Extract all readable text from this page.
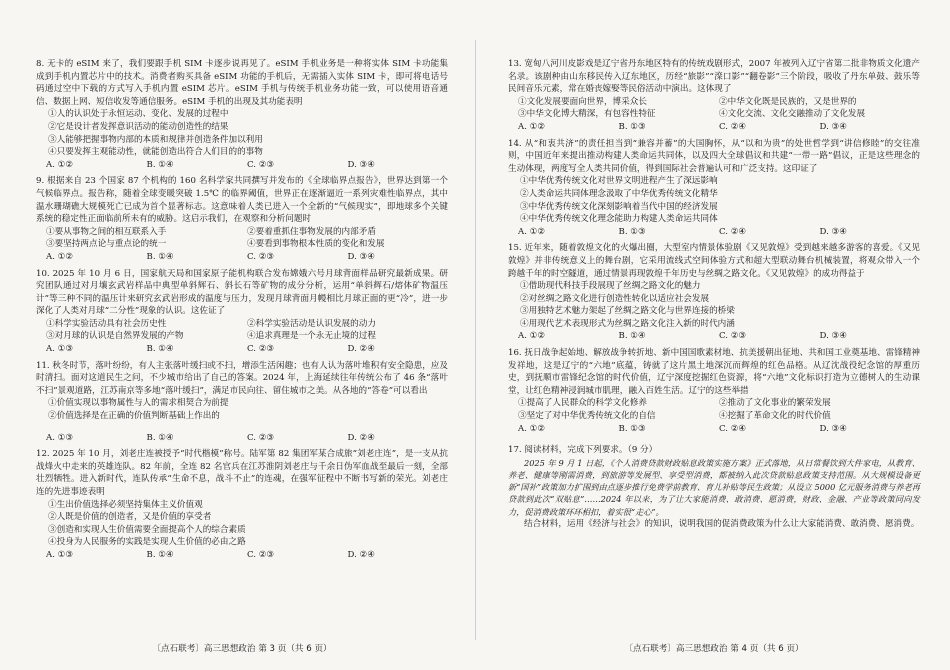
8. 无卡的 eSIM 来了，我们要跟手机 SIM 卡逐步说再见了。eSIM 手机业务是一种将实体 SIM 卡功能集成到手机内置芯片中的技术。消费者购买具备 eSIM 功能的手机后，无需插入实体 SIM 卡，即可将电话号码通过空中下载的方式写入手机内置 eSIM 芯片。eSIM 手机与传统手机业务功能一致，可以使用语音通信、数据上网、短信收发等通信服务。eSIM 手机的出现及其功能表明

①人的认识处于永恒运动、变化、发展的过程中

②它是设计者发挥意识活动的能动创造性的结果

③人能够把握事物内部的本质和规律并创造条件加以利用

④只要发挥主观能动性，就能创造出符合人们目的的事物

A. ①②	B. ①④	C. ②③	D. ③④

9. 根据来自 23 个国家 87 个机构的 160 名科学家共同撰写并发布的《全球临界点报告》，世界达到第一个气候临界点。报告称，随着全球变暖突破 1.5℃ 的临界阈值，世界正在逐渐逼近一系列灾难性临界点，其中温水珊瑚礁大规模死亡已成为首个显著标志。这意味着人类已进入一个全新的“气候现实”，即地球多个关键系统的稳定性正面临前所未有的威胁。这启示我们，在观察和分析问题时

①要从事物之间的相互联系入手	②要着重抓住事物发展的内部矛盾
③要坚持两点论与重点论的统一	④要看到事物根本性质的变化和发展
A. ①②	B. ①④	C. ②③	D. ③④

10. 2025 年 10 月 6 日，国家航天局和国家原子能机构联合发布嫦娥六号月球背面样品研究最新成果。研究团队通过对月壤玄武岩样品中典型单斜辉石、斜长石等矿物的成分分析，运用“单斜辉石/熔体矿物温压计”等三种不同的温压计来研究玄武岩形成的温度与压力，发现月球背面月幔相比月球正面的更“冷”，进一步深化了人类对月球“二分性”现象的认识。这佐证了

①科学实验活动具有社会历史性	②科学实验活动是认识发展的动力
③对月球的认识是自然界发展的产物	④追求真理是一个永无止境的过程
A. ①③	B. ①④	C. ②③	D. ②④

11. 秋冬时节，落叶纷纷，有人主张落叶缓扫或不扫，增添生活闲趣；也有人认为落叶堆积有安全隐患，应及时清扫。面对这道民生之问，不少城市给出了自己的答案。2024 年，上海延续往年传统公布了 46 条“落叶不扫”景观道路，江苏南京等多地“落叶缓扫”，满足市民向往、留住城市之美。从各地的“答卷”可以看出

①价值实现以事物属性与人的需求相契合为前提

②价值选择是在正确的价值判断基础上作出的

A. ①③	B. ①④	C. ②③	D. ②④

12. 2025 年 10 月，刘老庄连被授予“时代楷模”称号。陆军第 82 集团军某合成旅“刘老庄连”，是一支从抗战烽火中走来的英雄连队。82 年前，全连 82 名官兵在江苏淮阴刘老庄与千余日伪军血战至最后一刻，全部壮烈牺牲。进入新时代，连队传承“生命不息，战斗不止”的连魂，在强军征程中不断书写新的荣光。刘老庄连的先进事迹表明

①生出价值选择必须坚持集体主义价值观

②人既是价值的创造者，又是价值的享受者

③创造和实现人生价值需要全面提高个人的综合素质

④投身为人民服务的实践是实现人生价值的必由之路

A. ①③	B. ①④	C. ②③	D. ②④

13. 宽甸八河川皮影戏是辽宁省丹东地区特有的传统戏剧形式，2007 年被列入辽宁省第二批非物质文化遗产名录。该剧种由山东移民传入辽东地区，历经“旅影”“滦口影”“翻卷影”三个阶段，吸收了丹东单鼓、鼓乐等民间音乐元素，常在婚丧嫁娶等民俗活动中演出。这体现了

①文化发展要面向世界，博采众长	②中华文化既是民族的，又是世界的
③中华文化博大精深，有包容性特征	④文化交流、文化交融推动了文化发展
A. ①②	B. ①③	C. ②④	D. ③④

14. 从“和衷共济”的责任担当到“兼容并蓄”的大国胸怀，从“以和为贵”的处世哲学到“讲信修睦”的交往准则，中国近年来提出推动构建人类命运共同体，以及四大全球倡议和共建“一带一路”倡议，正是这些理念的生动体现，两度写全人类共同价值，得到国际社会普遍认可和广泛支持。这印证了

①中华优秀传统文化对世界文明进程产生了深远影响

②人类命运共同体理念汲取了中华优秀传统文化精华

③中华优秀传统文化深刻影响着当代中国的经济发展

④中华优秀传统文化理念能助力构建人类命运共同体

A. ①②	B. ①③	C. ②④	D. ③④

15. 近年来，随着敦煌文化的火爆出圈，大型室内情景体验剧《又见敦煌》受到越来越多游客的喜爱。《又见敦煌》并非传统意义上的舞台剧，它采用流线式空间体验方式和超大型联动舞台机械装置，将观众带入一个跨越千年的时空隧道，通过情景再现敦煌千年历史与丝绸之路文化。《又见敦煌》的成功得益于

①借助现代科技手段展现了丝绸之路文化的魅力

②对丝绸之路文化进行创造性转化以适应社会发展

③用独特艺术魅力架起了丝绸之路文化与世界连接的桥梁

④用现代艺术表现形式为丝绸之路文化注入新的时代内涵

A. ①②	B. ①④	C. ②③	D. ③④

16. 抚日战争起始地、解放战争转折地、新中国国歌素材地、抗美援朝出征地、共和国工业奠基地、雷锋精神发祥地，这是辽宁的“六地”底蕴，铸就了这片黑土地深沉而辉煌的红色品格。从辽沈战役纪念馆的厚重历史，到抚顺市雷锋纪念馆的时代价值，辽宁深度挖掘红色资源，将“六地”文化标识打造为立德树人的生动课堂，让红色精神浸润城市肌理，融入百姓生活。辽宁的这些举措

①提高了人民群众的科学文化修养	②推动了文化事业的繁荣发展
③坚定了对中华优秀传统文化的自信	④挖掘了革命文化的时代价值
A. ①②	B. ①③	C. ②④	D. ③④

17. 阅读材料，完成下列要求。（9 分）

2025 年 9 月 1 日起，《个人消费贷款财政贴息政策实施方案》正式落地，从日常餐饮到大件家电，从教育、养老、健康等刚需消费，到旅游等发展型、享受型消费，都被纳入此次贷款贴息政策支持范围。从大规模设备更新“国补”政策加力扩围到由点逐步推行免费学前教育、育儿补贴等民生政策；从设立 5000 亿元服务消费与养老再贷款到此次“双贴息”……2024 年以来，为了让大家能消费、敢消费、愿消费，财政、金融、产业等政策同向发力，促消费政策环环相扣，着实很“走心”。

结合材料，运用《经济与社会》的知识，说明我国的促消费政策为什么让大家能消费、敢消费、愿消费。

〔点石联考〕高三思想政治 第 3 页（共 6 页）	〔点石联考〕高三思想政治 第 4 页（共 6 页）
